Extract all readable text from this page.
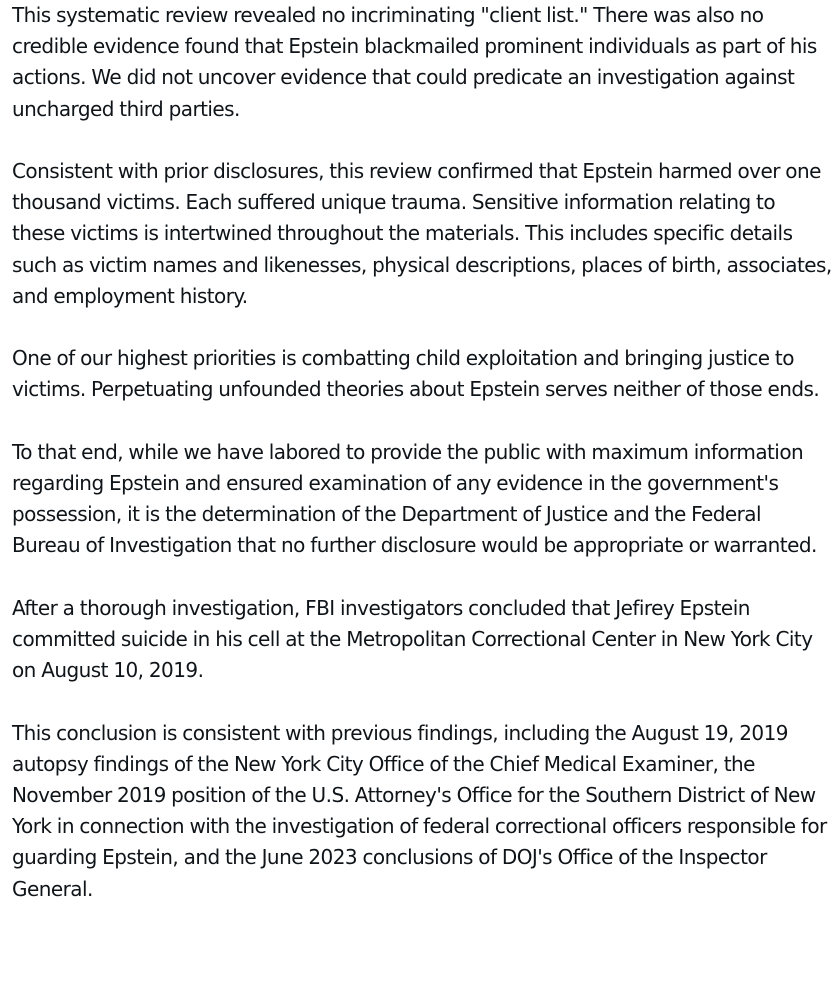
This systematic review revealed no incriminating "client list." There was also no credible evidence found that Epstein blackmailed prominent individuals as part of his actions. We did not uncover evidence that could predicate an investigation against uncharged third parties.

Consistent with prior disclosures, this review confirmed that Epstein harmed over one thousand victims. Each suffered unique trauma. Sensitive information relating to these victims is intertwined throughout the materials. This includes specific details such as victim names and likenesses, physical descriptions, places of birth, associates, and employment history.

One of our highest priorities is combatting child exploitation and bringing justice to victims. Perpetuating unfounded theories about Epstein serves neither of those ends.

To that end, while we have labored to provide the public with maximum information regarding Epstein and ensured examination of any evidence in the government's possession, it is the determination of the Department of Justice and the Federal Bureau of Investigation that no further disclosure would be appropriate or warranted.

After a thorough investigation, FBI investigators concluded that Jefirey Epstein committed suicide in his cell at the Metropolitan Correctional Center in New York City on August 10, 2019.

This conclusion is consistent with previous findings, including the August 19, 2019 autopsy findings of the New York City Office of the Chief Medical Examiner, the November 2019 position of the U.S. Attorney's Office for the Southern District of New York in connection with the investigation of federal correctional officers responsible for guarding Epstein, and the June 2023 conclusions of DOJ's Office of the Inspector General.
